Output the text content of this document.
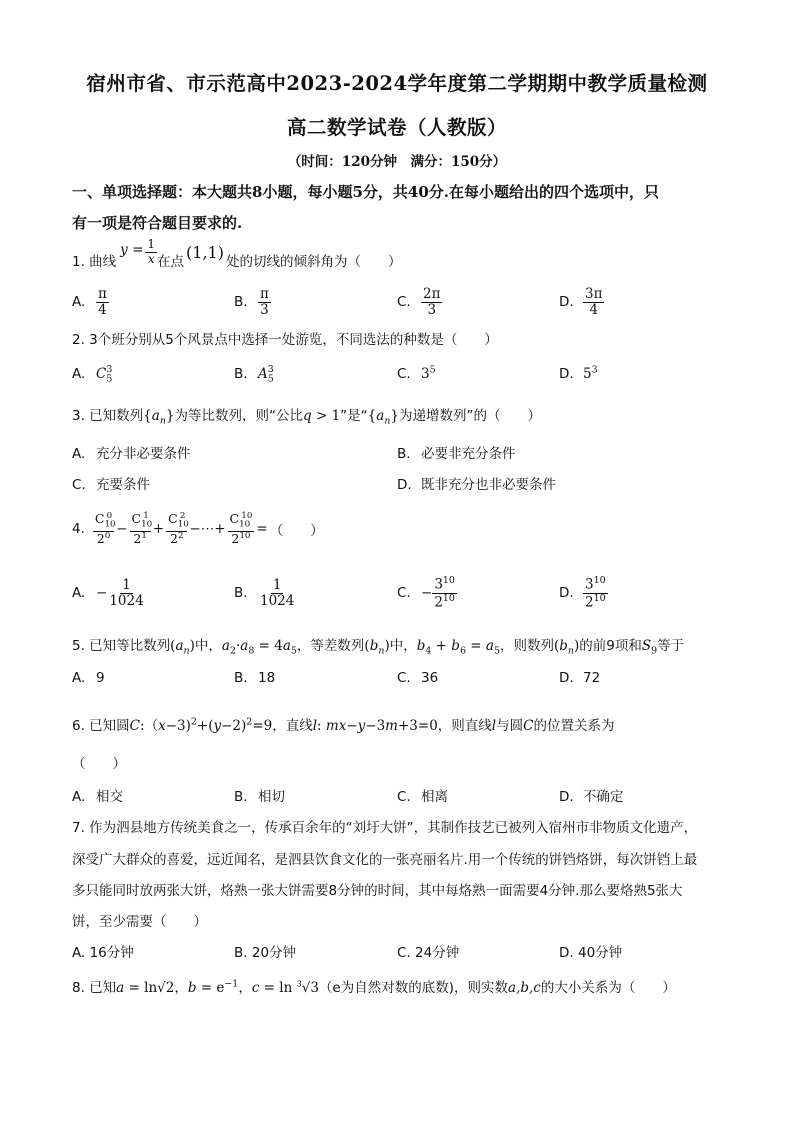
宿州市省、市示范高中2023-2024学年度第二学期期中教学质量检测
高二数学试卷（人教版）
（时间：120分钟　满分：150分）
一、单项选择题：本大题共8小题，每小题5分，共40分.在每小题给出的四个选项中，只
有一项是符合题目要求的.
1. 曲线
$y = \frac{1}{x}$ 在点
(1,1)
处的切线的倾斜角为（　　）
A. $\frac{\pi}{4}$	B. $\frac{\pi}{3}$	C. $\frac{2\pi}{3}$	D. $\frac{3\pi}{4}$
2. 3个班分别从5个风景点中选择一处游览，不同选法的种数是（　　）
A. $C_5^3$	B. $A_5^3$	C. $3^5$	D. $5^3$
3. 已知数列$\{a_n\}$为等比数列，则“公比q > 1”是“$\{a_n\}$为递增数列”的（　　）
A. 充分非必要条件	B. 必要非充分条件
C. 充要条件	D. 既非充分也非必要条件
4. $\frac{C_{10}^0}{2^0} - \frac{C_{10}^1}{2^1} + \frac{C_{10}^2}{2^2}$ −⋯+ $\frac{C_{10}^{10}}{2^{10}}$ = （　　）
A. − $\frac{1}{1024}$	B. $\frac{1}{1024}$	C. − $\frac{3^{10}}{2^{10}}$	D. $\frac{3^{10}}{2^{10}}$
5. 已知等比数列$(a_n)$中，$a_2\cdot a_8 = 4a_5$，等差数列$(b_n)$中，$b_4 + b_6 = a_5$，则数列$(b_n)$的前9项和$S_9$等于
A. 9	B. 18	C. 36	D. 72
6. 已知圆$C:(x-3)^2+(y-2)^2=9$，直线l: mx−y−3m+3=0，则直线l与圆C的位置关系为
（　　）
A. 相交	B. 相切	C. 相离	D. 不确定
7. 作为泗县地方传统美食之一，传承百余年的“刘圩大饼”，其制作技艺已被列入宿州市非物质文化遗产，
深受广大群众的喜爱，远近闻名，是泗县饮食文化的一张亮丽名片.用一个传统的饼铛烙饼，每次饼铛上最
多只能同时放两张大饼，烙熟一张大饼需要8分钟的时间，其中每烙熟一面需要4分钟.那么要烙熟5张大
饼，至少需要（　　）
A. 16分钟	B. 20分钟	C. 24分钟	D. 40分钟
8. 已知a = ln√2，$b = e^{-1}$，c = ln $^3$√3（e为自然对数的底数)，则实数a,b,c的大小关系为（　　）
